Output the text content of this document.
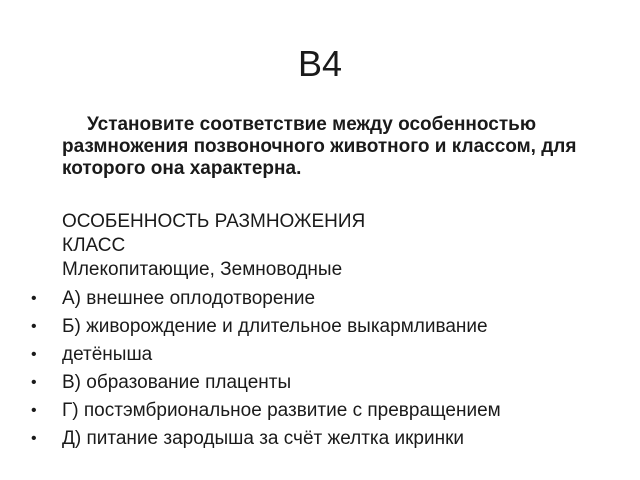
В4
Установите соответствие между особенностью размножения позвоночного животного и классом, для которого она характерна.
ОСОБЕННОСТЬ РАЗМНОЖЕНИЯ
КЛАСС
Млекопитающие, Земноводные
• А) внешнее оплодотворение
• Б) живорождение и длительное выкармливание
• детёныша
• В) образование плаценты
• Г) постэмбриональное развитие с превращением
• Д) питание зародыша за счёт желтка икринки
